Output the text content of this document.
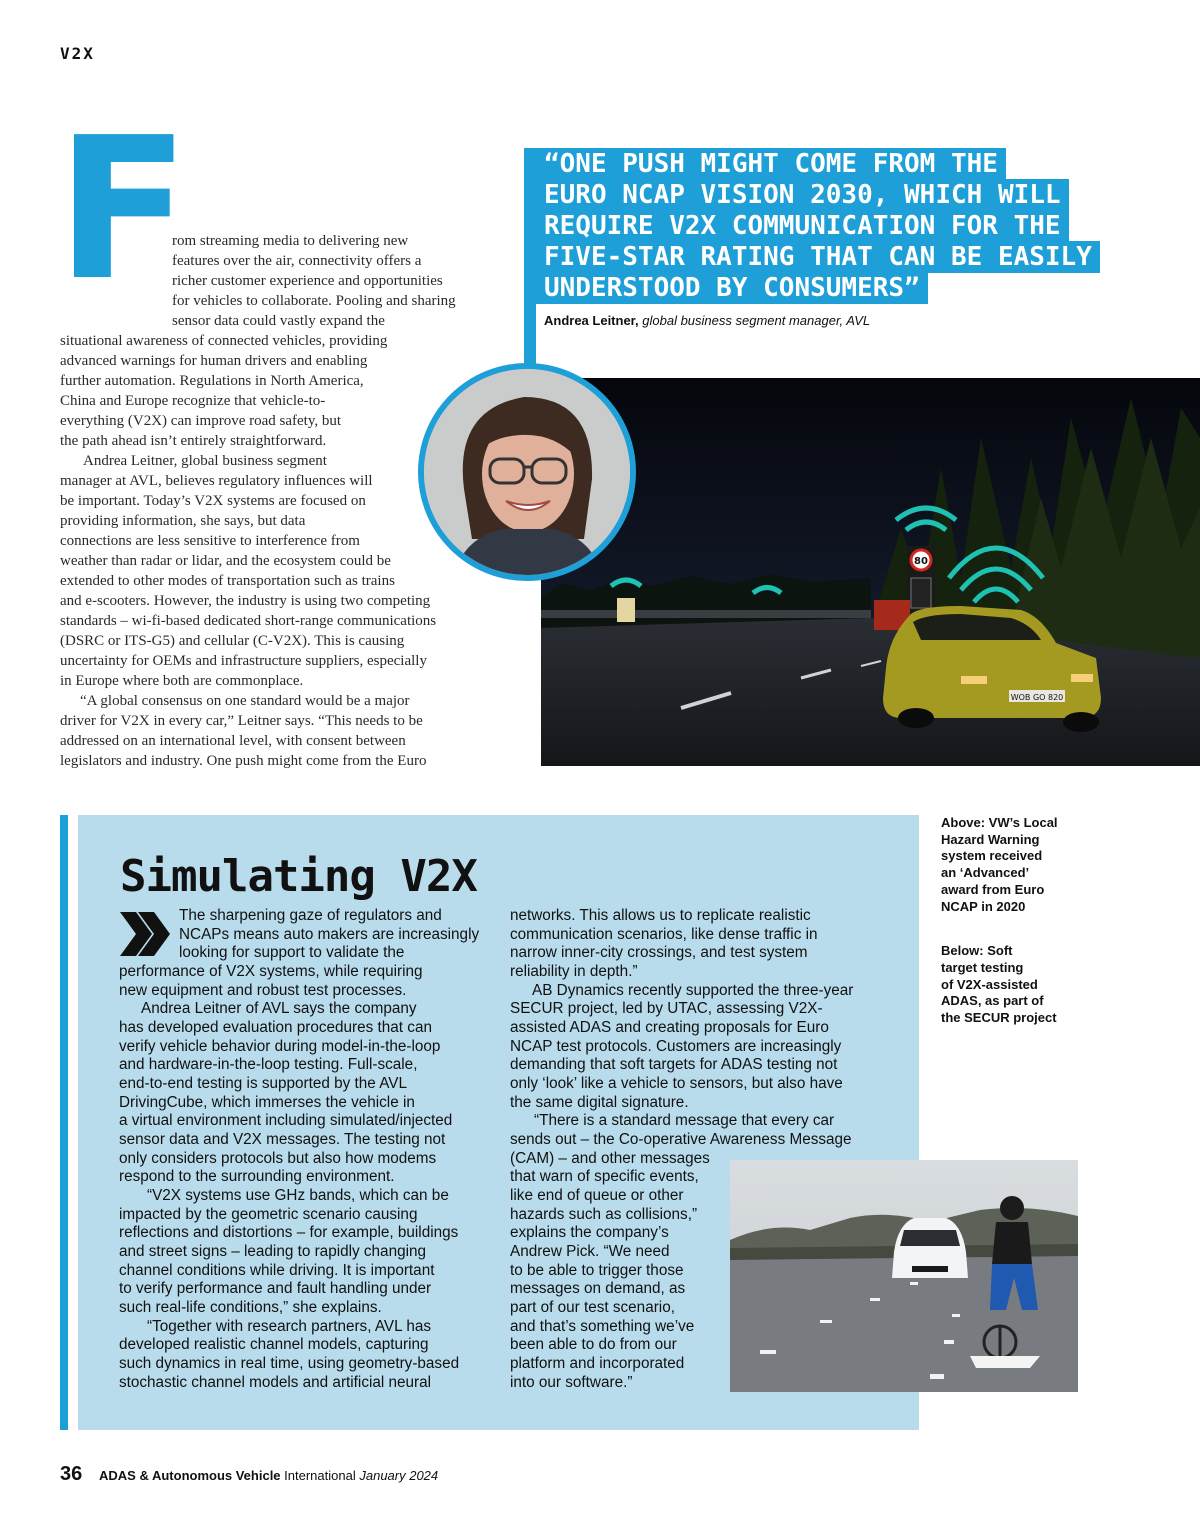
V2X
F
rom streaming media to delivering new
features over the air, connectivity offers a
richer customer experience and opportunities
for vehicles to collaborate. Pooling and sharing
sensor data could vastly expand the
situational awareness of connected vehicles, providing
advanced warnings for human drivers and enabling
further automation. Regulations in North America,
China and Europe recognize that vehicle-to-
everything (V2X) can improve road safety, but
the path ahead isn’t entirely straightforward.
Andrea Leitner, global business segment
manager at AVL, believes regulatory influences will
be important. Today’s V2X systems are focused on
providing information, she says, but data
connections are less sensitive to interference from
weather than radar or lidar, and the ecosystem could be
extended to other modes of transportation such as trains
and e-scooters. However, the industry is using two competing
standards – wi-fi-based dedicated short-range communications
(DSRC or ITS-G5) and cellular (C-V2X). This is causing
uncertainty for OEMs and infrastructure suppliers, especially
in Europe where both are commonplace.
“A global consensus on one standard would be a major
driver for V2X in every car,” Leitner says. “This needs to be
addressed on an international level, with consent between
legislators and industry. One push might come from the Euro
“ONE PUSH MIGHT COME FROM THE
EURO NCAP VISION 2030, WHICH WILL
REQUIRE V2X COMMUNICATION FOR THE
FIVE-STAR RATING THAT CAN BE EASILY
UNDERSTOOD BY CONSUMERS”
Andrea Leitner, global business segment manager, AVL
80
WOB GO 820
Simulating V2X
The sharpening gaze of regulators and
NCAPs means auto makers are increasingly
looking for support to validate the
performance of V2X systems, while requiring
new equipment and robust test processes.
Andrea Leitner of AVL says the company
has developed evaluation procedures that can
verify vehicle behavior during model-in-the-loop
and hardware-in-the-loop testing. Full-scale,
end-to-end testing is supported by the AVL
DrivingCube, which immerses the vehicle in
a virtual environment including simulated/injected
sensor data and V2X messages. The testing not
only considers protocols but also how modems
respond to the surrounding environment.
“V2X systems use GHz bands, which can be
impacted by the geometric scenario causing
reflections and distortions – for example, buildings
and street signs – leading to rapidly changing
channel conditions while driving. It is important
to verify performance and fault handling under
such real-life conditions,” she explains.
“Together with research partners, AVL has
developed realistic channel models, capturing
such dynamics in real time, using geometry-based
stochastic channel models and artificial neural
networks. This allows us to replicate realistic
communication scenarios, like dense traffic in
narrow inner-city crossings, and test system
reliability in depth.”
AB Dynamics recently supported the three-year
SECUR project, led by UTAC, assessing V2X-
assisted ADAS and creating proposals for Euro
NCAP test protocols. Customers are increasingly
demanding that soft targets for ADAS testing not
only ‘look’ like a vehicle to sensors, but also have
the same digital signature.
“There is a standard message that every car
sends out – the Co-operative Awareness Message
(CAM) – and other messages
that warn of specific events,
like end of queue or other
hazards such as collisions,”
explains the company’s
Andrew Pick. “We need
to be able to trigger those
messages on demand, as
part of our test scenario,
and that’s something we’ve
been able to do from our
platform and incorporated
into our software.”
Above: VW’s Local
Hazard Warning
system received
an ‘Advanced’
award from Euro
NCAP in 2020
Below: Soft
target testing
of V2X-assisted
ADAS, as part of
the SECUR project
36 ADAS & Autonomous Vehicle International January 2024
